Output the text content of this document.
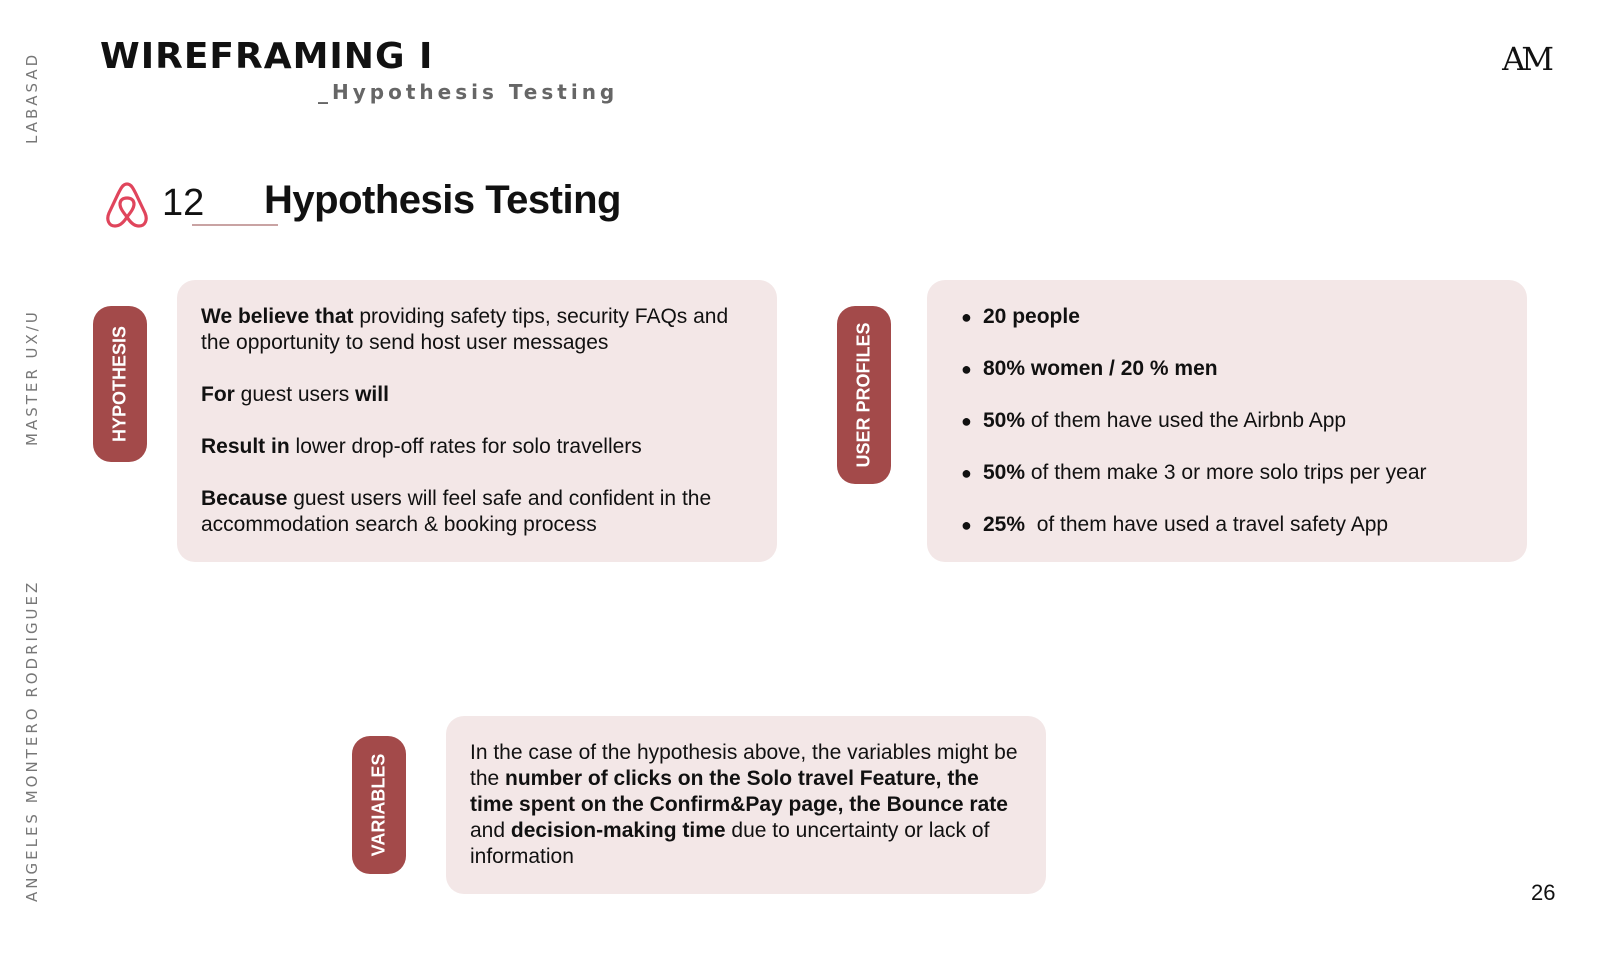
LABASAD
MASTER UX/U
ANGELES MONTERO RODRIGUEZ
WIREFRAMING I
_Hypothesis Testing
AM
12 Hypothesis Testing
HYPOTHESIS

We believe that providing safety tips, security FAQs and the opportunity to send host user messages

For guest users will

Result in lower drop-off rates for solo travellers

Because guest users will feel safe and confident in the accommodation search & booking process

USER PROFILES
● 20 people
● 80% women / 20 % men
● 50% of them have used the Airbnb App
● 50% of them make 3 or more solo trips per year
● 25%  of them have used a travel safety App
VARIABLES

In the case of the hypothesis above, the variables might be the number of clicks on the Solo travel Feature, the time spent on the Confirm&Pay page, the Bounce rate and decision-making time due to uncertainty or lack of information

26
